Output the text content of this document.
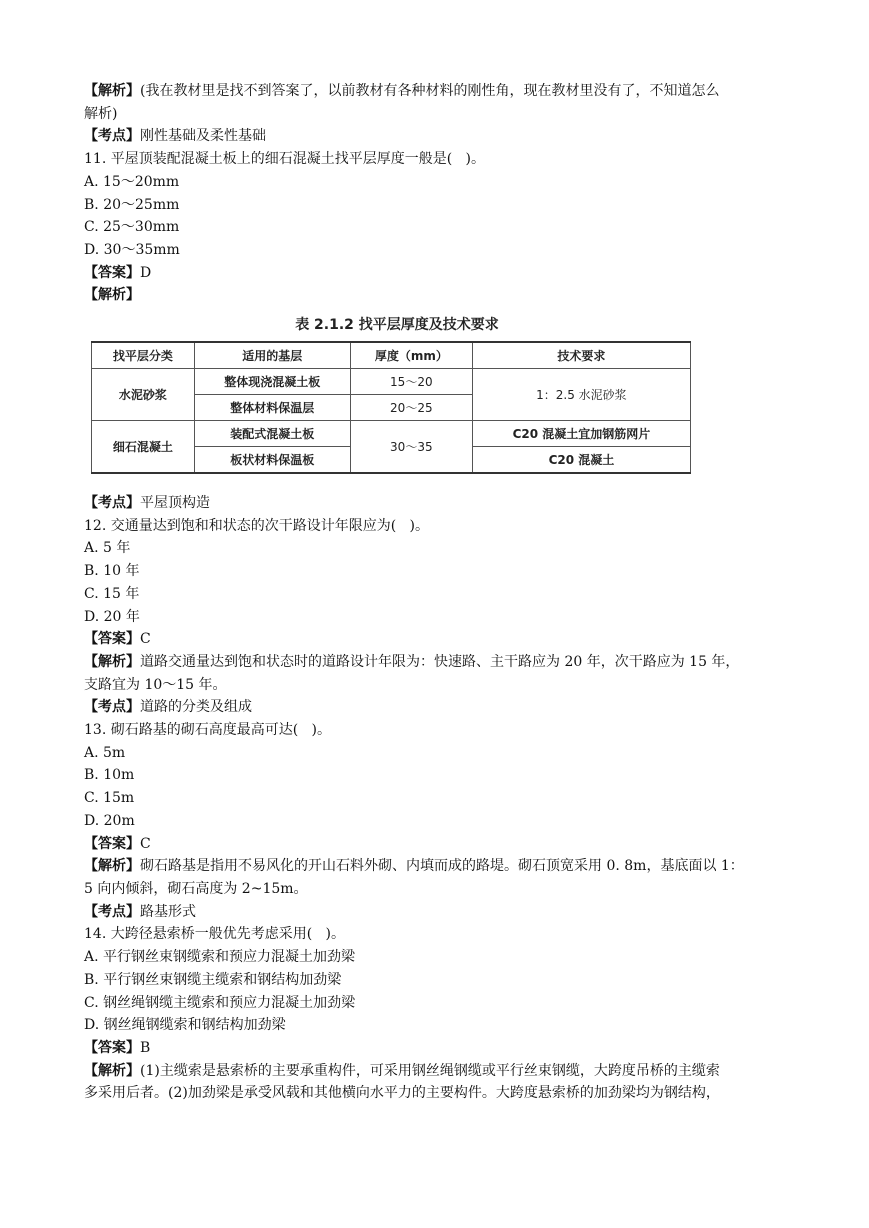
【解析】(我在教材里是找不到答案了，以前教材有各种材料的刚性角，现在教材里没有了，不知道怎么

解析)

【考点】刚性基础及柔性基础

11. 平屋顶装配混凝土板上的细石混凝土找平层厚度一般是(   )。

A. 15～20mm

B. 20～25mm

C. 25～30mm

D. 30～35mm

【答案】D

【解析】

表 2.1.2 找平层厚度及技术要求
找平层分类	适用的基层	厚度（mm）	技术要求
水泥砂浆	整体现浇混凝土板	15～20	1：2.5 水泥砂浆
	整体材料保温层	20～25	
细石混凝土	装配式混凝土板	30～35	C20 混凝土宜加钢筋网片
	板状材料保温板		C20 混凝土

【考点】平屋顶构造

12. 交通量达到饱和和状态的次干路设计年限应为(   )。

A. 5 年

B. 10 年

C. 15 年

D. 20 年

【答案】C

【解析】道路交通量达到饱和状态时的道路设计年限为：快速路、主干路应为 20 年，次干路应为 15 年，

支路宜为 10～15 年。

【考点】道路的分类及组成

13. 砌石路基的砌石高度最高可达(   )。

A. 5m

B. 10m

C. 15m

D. 20m

【答案】C

【解析】砌石路基是指用不易风化的开山石料外砌、内填而成的路堤。砌石顶宽采用 0. 8m，基底面以 1：

5 向内倾斜，砌石高度为 2~15m。

【考点】路基形式

14. 大跨径悬索桥一般优先考虑采用(   )。

A. 平行钢丝束钢缆索和预应力混凝土加劲梁

B. 平行钢丝束钢缆主缆索和钢结构加劲梁

C. 钢丝绳钢缆主缆索和预应力混凝土加劲梁

D. 钢丝绳钢缆索和钢结构加劲梁

【答案】B

【解析】(1)主缆索是悬索桥的主要承重构件，可采用钢丝绳钢缆或平行丝束钢缆，大跨度吊桥的主缆索

多采用后者。(2)加劲梁是承受风载和其他横向水平力的主要构件。大跨度悬索桥的加劲梁均为钢结构，
